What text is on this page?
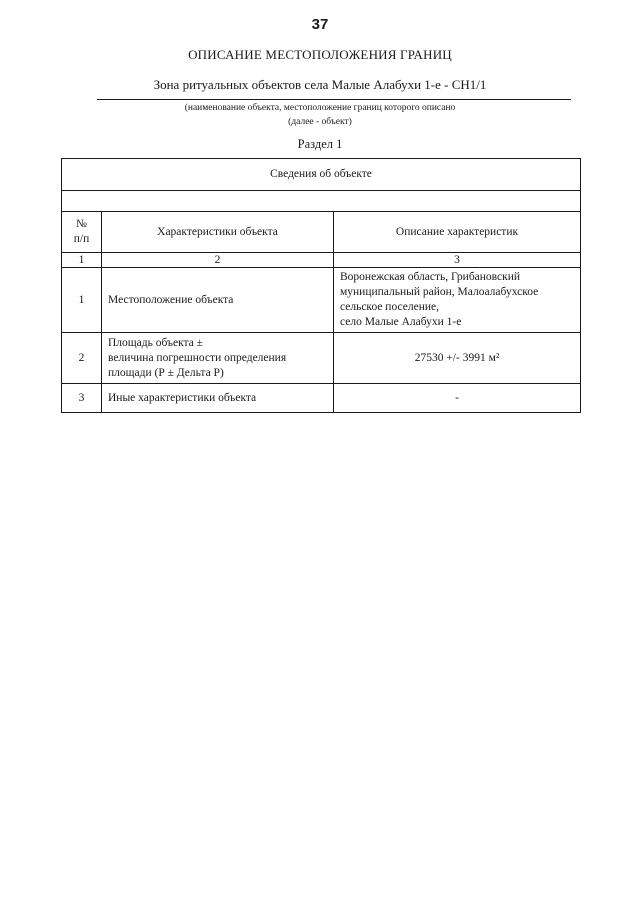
37
ОПИСАНИЕ МЕСТОПОЛОЖЕНИЯ ГРАНИЦ
Зона ритуальных объектов села Малые Алабухи 1-е - СН1/1
(наименование объекта, местоположение границ которого описано
(далее - объект)
Раздел 1
Сведения об объекте		

№
п/п	Характеристики объекта	Описание характеристик
1	2	3
1	Местоположение объекта	Воронежская область, Грибановский
муниципальный район, Малоалабухское
сельское поселение,
село Малые Алабухи 1-е

2	Площадь объекта ±
величина погрешности определения
площади (Р ± Дельта Р)	27530 +/- 3991 м²
3	Иные характеристики объекта	-
